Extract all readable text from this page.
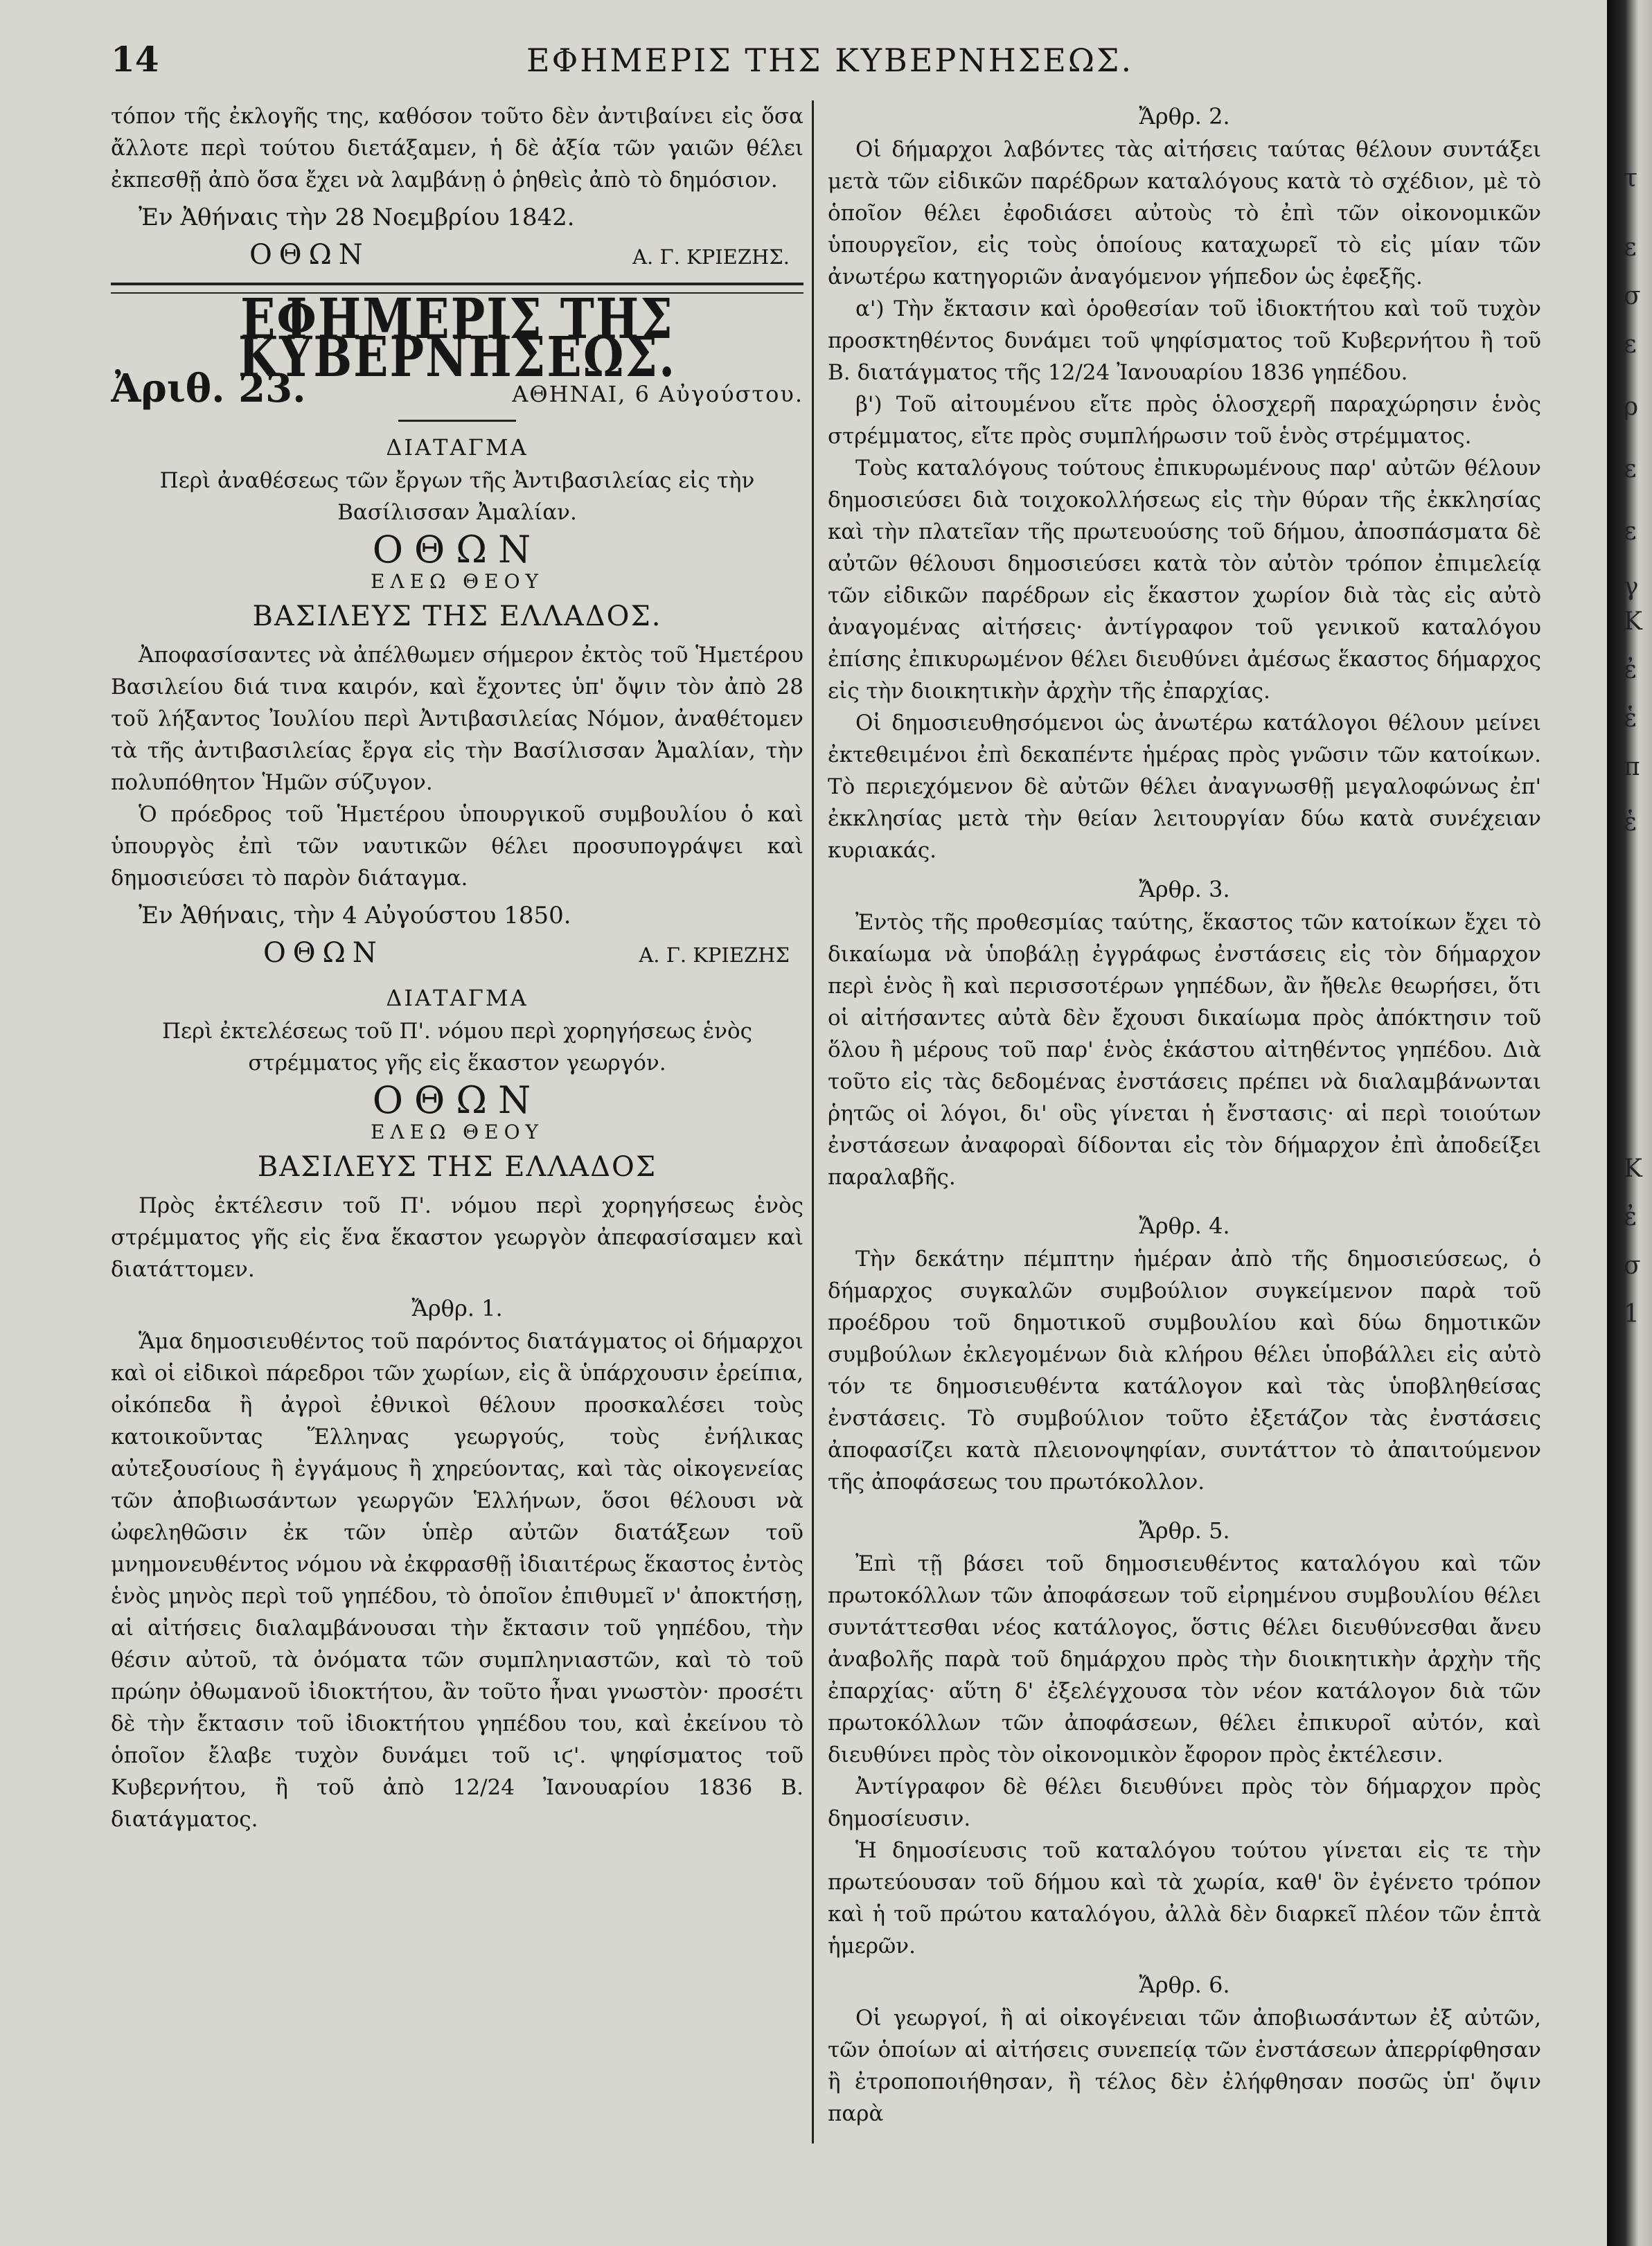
14	ΕΦΗΜΕΡΙΣ ΤΗΣ ΚΥΒΕΡΝΗΣΕΩΣ.

τόπον τῆς ἐκλογῆς της, καθόσον τοῦτο δὲν ἀντιβαίνει εἰς ὅσα ἄλλοτε περὶ τούτου διετάξαμεν, ἡ δὲ ἀξία τῶν γαιῶν θέλει ἐκπεσθῇ ἀπὸ ὅσα ἔχει νὰ λαμβάνῃ ὁ ῥηθεὶς ἀπὸ τὸ δημόσιον.

Ἐν Ἀθήναις τὴν 28 Νοεμβρίου 1842.

ΟΘΩΝ	Α. Γ. ΚΡΙΕΖΗΣ.
ΕΦΗΜΕΡΙΣ ΤΗΣ ΚΥΒΕΡΝΗΣΕΩΣ.
Ἀριθ. 23.	ΑΘΗΝΑΙ, 6 Αὐγούστου.
ΔΙΑΤΑΓΜΑ

Περὶ ἀναθέσεως τῶν ἔργων τῆς Ἀντιβασιλείας εἰς τὴν Βασίλισσαν Ἀμαλίαν.

ΟΘΩΝ
ΕΛΕΩ ΘΕΟΥ
ΒΑΣΙΛΕΥΣ ΤΗΣ ΕΛΛΑΔΟΣ.

Ἀποφασίσαντες νὰ ἀπέλθωμεν σήμερον ἐκτὸς τοῦ Ἡμετέρου Βασιλείου διά τινα καιρόν, καὶ ἔχοντες ὑπ' ὄψιν τὸν ἀπὸ 28 τοῦ λήξαντος Ἰουλίου περὶ Ἀντιβασιλείας Νόμον, ἀναθέτομεν τὰ τῆς ἀντιβασιλείας ἔργα εἰς τὴν Βασίλισσαν Ἀμαλίαν, τὴν πολυπόθητον Ἡμῶν σύζυγον.

Ὁ πρόεδρος τοῦ Ἡμετέρου ὑπουργικοῦ συμβουλίου ὁ καὶ ὑπουργὸς ἐπὶ τῶν ναυτικῶν θέλει προσυπογράψει καὶ δημοσιεύσει τὸ παρὸν διάταγμα.

Ἐν Ἀθήναις, τὴν 4 Αὐγούστου 1850.

ΟΘΩΝ	Α. Γ. ΚΡΙΕΖΗΣ
ΔΙΑΤΑΓΜΑ

Περὶ ἐκτελέσεως τοῦ Π'. νόμου περὶ χορηγήσεως ἑνὸς στρέμματος γῆς εἰς ἕκαστον γεωργόν.

ΟΘΩΝ
ΕΛΕΩ ΘΕΟΥ
ΒΑΣΙΛΕΥΣ ΤΗΣ ΕΛΛΑΔΟΣ

Πρὸς ἐκτέλεσιν τοῦ Π'. νόμου περὶ χορηγήσεως ἑνὸς στρέμματος γῆς εἰς ἕνα ἕκαστον γεωργὸν ἀπεφασίσαμεν καὶ διατάττομεν.

Ἄρθρ. 1.

Ἅμα δημοσιευθέντος τοῦ παρόντος διατάγματος οἱ δήμαρχοι καὶ οἱ εἰδικοὶ πάρεδροι τῶν χωρίων, εἰς ἃ ὑπάρχουσιν ἐρείπια, οἰκόπεδα ἢ ἀγροὶ ἐθνικοὶ θέλουν προσκαλέσει τοὺς κατοικοῦντας Ἕλληνας γεωργούς, τοὺς ἐνήλικας αὐτεξουσίους ἢ ἐγγάμους ἢ χηρεύοντας, καὶ τὰς οἰκογενείας τῶν ἀποβιωσάντων γεωργῶν Ἑλλήνων, ὅσοι θέλουσι νὰ ὠφεληθῶσιν ἐκ τῶν ὑπὲρ αὐτῶν διατάξεων τοῦ μνημονευθέντος νόμου νὰ ἐκφρασθῇ ἰδιαιτέρως ἕκαστος ἐντὸς ἑνὸς μηνὸς περὶ τοῦ γηπέδου, τὸ ὁποῖον ἐπιθυμεῖ ν' ἀποκτήσῃ, αἱ αἰτήσεις διαλαμβάνουσαι τὴν ἔκτασιν τοῦ γηπέδου, τὴν θέσιν αὐτοῦ, τὰ ὀνόματα τῶν συμπληνιαστῶν, καὶ τὸ τοῦ πρώην ὀθωμανοῦ ἰδιοκτήτου, ἂν τοῦτο ἦναι γνωστὸν· προσέτι δὲ τὴν ἔκτασιν τοῦ ἰδιοκτήτου γηπέδου του, καὶ ἐκείνου τὸ ὁποῖον ἔλαβε τυχὸν δυνάμει τοῦ ιϛ'. ψηφίσματος τοῦ Κυβερνήτου, ἢ τοῦ ἀπὸ 12/24 Ἰανουαρίου 1836 Β. διατάγματος.

Ἄρθρ. 2.

Οἱ δήμαρχοι λαβόντες τὰς αἰτήσεις ταύτας θέλουν συντάξει μετὰ τῶν εἰδικῶν παρέδρων καταλόγους κατὰ τὸ σχέδιον, μὲ τὸ ὁποῖον θέλει ἐφοδιάσει αὐτοὺς τὸ ἐπὶ τῶν οἰκονομικῶν ὑπουργεῖον, εἰς τοὺς ὁποίους καταχωρεῖ τὸ εἰς μίαν τῶν ἀνωτέρω κατηγοριῶν ἀναγόμενον γήπεδον ὡς ἐφεξῆς.

α') Τὴν ἔκτασιν καὶ ὁροθεσίαν τοῦ ἰδιοκτήτου καὶ τοῦ τυχὸν προσκτηθέντος δυνάμει τοῦ ψηφίσματος τοῦ Κυβερνήτου ἢ τοῦ Β. διατάγματος τῆς 12/24 Ἰανουαρίου 1836 γηπέδου.

β') Τοῦ αἰτουμένου εἴτε πρὸς ὁλοσχερῆ παραχώρησιν ἑνὸς στρέμματος, εἴτε πρὸς συμπλήρωσιν τοῦ ἑνὸς στρέμματος.

Τοὺς καταλόγους τούτους ἐπικυρωμένους παρ' αὐτῶν θέλουν δημοσιεύσει διὰ τοιχοκολλήσεως εἰς τὴν θύραν τῆς ἐκκλησίας καὶ τὴν πλατεῖαν τῆς πρωτευούσης τοῦ δήμου, ἀποσπάσματα δὲ αὐτῶν θέλουσι δημοσιεύσει κατὰ τὸν αὐτὸν τρόπον ἐπιμελείᾳ τῶν εἰδικῶν παρέδρων εἰς ἕκαστον χωρίον διὰ τὰς εἰς αὐτὸ ἀναγομένας αἰτήσεις· ἀντίγραφον τοῦ γενικοῦ καταλόγου ἐπίσης ἐπικυρωμένον θέλει διευθύνει ἀμέσως ἕκαστος δήμαρχος εἰς τὴν διοικητικὴν ἀρχὴν τῆς ἐπαρχίας.

Οἱ δημοσιευθησόμενοι ὡς ἀνωτέρω κατάλογοι θέλουν μείνει ἐκτεθειμένοι ἐπὶ δεκαπέντε ἡμέρας πρὸς γνῶσιν τῶν κατοίκων. Τὸ περιεχόμενον δὲ αὐτῶν θέλει ἀναγνωσθῇ μεγαλοφώνως ἐπ' ἐκκλησίας μετὰ τὴν θείαν λειτουργίαν δύω κατὰ συνέχειαν κυριακάς.

Ἄρθρ. 3.

Ἐντὸς τῆς προθεσμίας ταύτης, ἕκαστος τῶν κατοίκων ἔχει τὸ δικαίωμα νὰ ὑποβάλῃ ἐγγράφως ἐνστάσεις εἰς τὸν δήμαρχον περὶ ἑνὸς ἢ καὶ περισσοτέρων γηπέδων, ἂν ἤθελε θεωρήσει, ὅτι οἱ αἰτήσαντες αὐτὰ δὲν ἔχουσι δικαίωμα πρὸς ἀπόκτησιν τοῦ ὅλου ἢ μέρους τοῦ παρ' ἑνὸς ἑκάστου αἰτηθέντος γηπέδου. Διὰ τοῦτο εἰς τὰς δεδομένας ἐνστάσεις πρέπει νὰ διαλαμβάνωνται ῥητῶς οἱ λόγοι, δι' οὓς γίνεται ἡ ἔνστασις· αἱ περὶ τοιούτων ἐνστάσεων ἀναφοραὶ δίδονται εἰς τὸν δήμαρχον ἐπὶ ἀποδείξει παραλαβῆς.

Ἄρθρ. 4.

Τὴν δεκάτην πέμπτην ἡμέραν ἀπὸ τῆς δημοσιεύσεως, ὁ δήμαρχος συγκαλῶν συμβούλιον συγκείμενον παρὰ τοῦ προέδρου τοῦ δημοτικοῦ συμβουλίου καὶ δύω δημοτικῶν συμβούλων ἐκλεγομένων διὰ κλήρου θέλει ὑποβάλλει εἰς αὐτὸ τόν τε δημοσιευθέντα κατάλογον καὶ τὰς ὑποβληθείσας ἐνστάσεις. Τὸ συμβούλιον τοῦτο ἐξετάζον τὰς ἐνστάσεις ἀποφασίζει κατὰ πλειονοψηφίαν, συντάττον τὸ ἀπαιτούμενον τῆς ἀποφάσεως του πρωτόκολλον.

Ἄρθρ. 5.

Ἐπὶ τῇ βάσει τοῦ δημοσιευθέντος καταλόγου καὶ τῶν πρωτοκόλλων τῶν ἀποφάσεων τοῦ εἰρημένου συμβουλίου θέλει συντάττεσθαι νέος κατάλογος, ὅστις θέλει διευθύνεσθαι ἄνευ ἀναβολῆς παρὰ τοῦ δημάρχου πρὸς τὴν διοικητικὴν ἀρχὴν τῆς ἐπαρχίας· αὕτη δ' ἐξελέγχουσα τὸν νέον κατάλογον διὰ τῶν πρωτοκόλλων τῶν ἀποφάσεων, θέλει ἐπικυροῖ αὐτόν, καὶ διευθύνει πρὸς τὸν οἰκονομικὸν ἔφορον πρὸς ἐκτέλεσιν.

Ἀντίγραφον δὲ θέλει διευθύνει πρὸς τὸν δήμαρχον πρὸς δημοσίευσιν.

Ἡ δημοσίευσις τοῦ καταλόγου τούτου γίνεται εἰς τε τὴν πρωτεύουσαν τοῦ δήμου καὶ τὰ χωρία, καθ' ὃν ἐγένετο τρόπον καὶ ἡ τοῦ πρώτου καταλόγου, ἀλλὰ δὲν διαρκεῖ πλέον τῶν ἑπτὰ ἡμερῶν.

Ἄρθρ. 6.

Οἱ γεωργοί, ἢ αἱ οἰκογένειαι τῶν ἀποβιωσάντων ἐξ αὐτῶν, τῶν ὁποίων αἱ αἰτήσεις συνεπείᾳ τῶν ἐνστάσεων ἀπερρίφθησαν ἢ ἐτροποποιήθησαν, ἢ τέλος δὲν ἐλήφθησαν ποσῶς ὑπ' ὄψιν παρὰ

τ
ε
σ
ε
ρ
ε
ε
γ
Κ
ἐ
ἑ
π
ἑ
Κ
ἐ
σ
1
